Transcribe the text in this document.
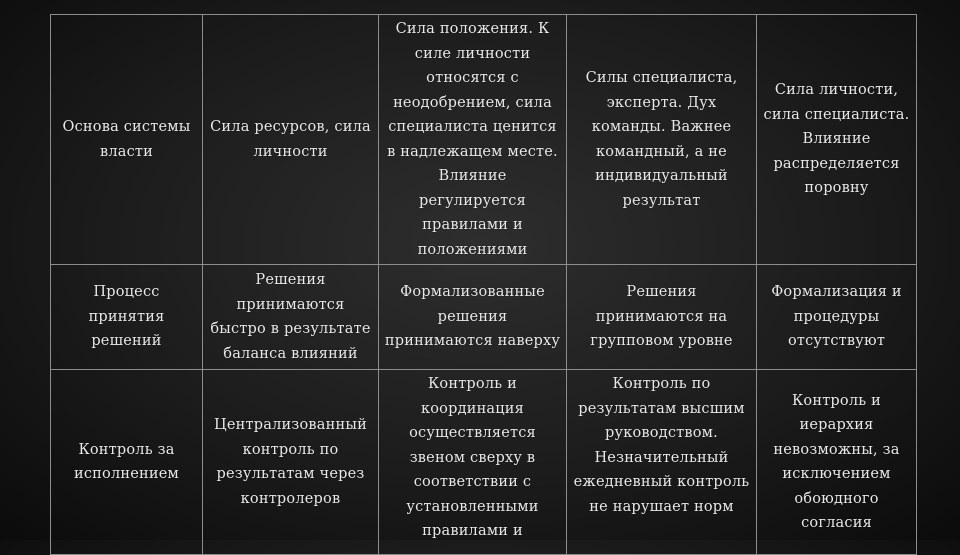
Основа системы власти	Сила ресурсов, сила личности	Сила положения. К силе личности относятся с неодобрением, сила специалиста ценится в надлежащем месте. Влияние регулируется правилами и положениями	Силы специалиста, эксперта. Дух команды. Важнее командный, а не индивидуальный результат	Сила личности, сила специалиста. Влияние распределяется поровну
Процесс принятия решений	Решения принимаются быстро в результате баланса влияний	Формализованные решения принимаются наверху	Решения принимаются на групповом уровне	Формализация и процедуры отсутствуют
Контроль за исполнением	Централизованный контроль по результатам через контролеров	Контроль и координация осуществляется звеном сверху в соответствии с установленными правилами и	Контроль по результатам высшим руководством. Незначительный ежедневный контроль не нарушает норм	Контроль и иерархия невозможны, за исключением обоюдного согласия
